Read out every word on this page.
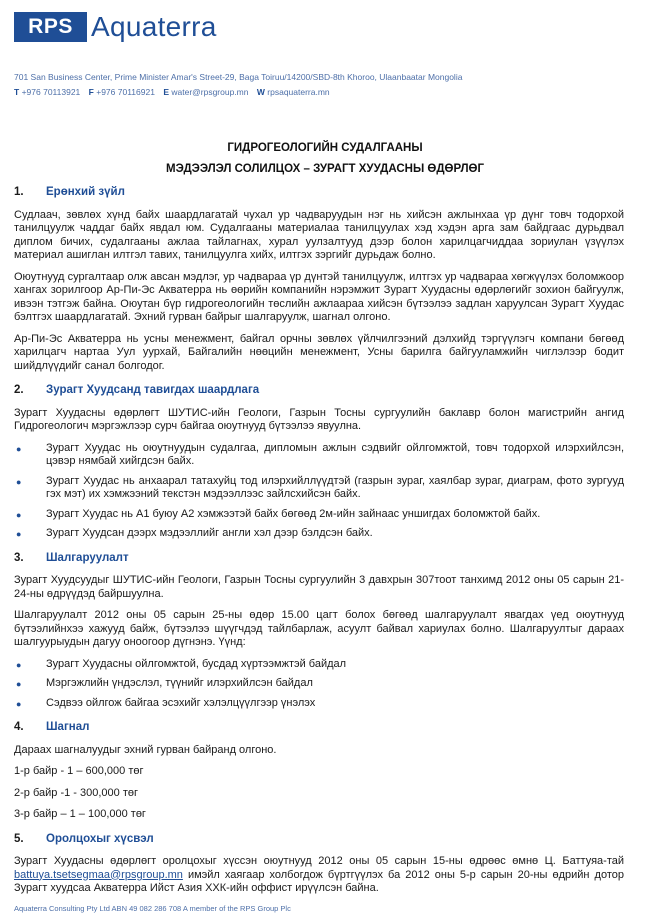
RPS Aquaterra
701 San Business Center, Prime Minister Amar's Street-29, Baga Toiruu/14200/SBD-8th Khoroo, Ulaanbaatar Mongolia
T +976 70113921 F +976 70116921 E water@rpsgroup.mn W rpsaquaterra.mn
ГИДРОГЕОЛОГИЙН СУДАЛГААНЫ
МЭДЭЭЛЭЛ СОЛИЛЦОХ – ЗУРАГТ ХУУДАСНЫ ӨДӨРЛӨГ
1.	Ерөнхий зүйл

Судлаач, зөвлөх хүнд байх шаардлагатай чухал ур чадваруудын нэг нь хийсэн ажлынхаа үр дүнг товч тодорхой танилцуулж чаддаг байх явдал юм. Судалгааны материалаа танилцуулах хэд хэдэн арга зам байдгаас дурьдвал диплом бичих, судалгааны ажлаа тайлагнах, хурал уулзалтууд дээр болон харилцагчиддаа зориулан үзүүлэх материал ашиглан илтгэл тавих, танилцуулга хийх, илтгэх зэргийг дурьдаж болно.

Оюутнууд сургалтаар олж авсан мэдлэг, ур чадвараа үр дүнтэй танилцуулж, илтгэх ур чадвараа хөгжүүлэх боломжоор хангах зорилгоор Ар-Пи-Эс Акватерра нь өөрийн компанийн нэрэмжит Зурагт Хуудасны өдөрлөгийг зохион байгуулж, ивээн тэтгэж байна. Оюутан бүр гидрогеологийн төслийн ажлаараа хийсэн бүтээлээ задлан харуулсан Зурагт Хуудас бэлтгэх шаардлагатай. Эхний гурван байрыг шалгаруулж, шагнал олгоно.

Ар-Пи-Эс Акватерра нь усны менежмент, байгал орчны зөвлөх үйлчилгээний дэлхийд тэргүүлэгч компани бөгөөд харилцагч нартаа Уул уурхай, Байгалийн нөөцийн менежмент, Усны барилга байгууламжийн чиглэлээр бодит шийдлүүдийг санал болгодог.

2.	Зурагт Хуудсанд тавигдах шаардлага

Зурагт Хуудасны өдөрлөгт ШУТИС-ийн Геологи, Газрын Тосны сургуулийн баклавр болон магистрийн ангид Гидрогеологич мэргэжлээр сурч байгаа оюутнууд бүтээлээ явуулна.

● Зурагт Хуудас нь оюутнуудын судалгаа, дипломын ажлын сэдвийг ойлгомжтой, товч тодорхой илэрхийлсэн, цэвэр нямбай хийгдсэн байх.
● Зурагт Хуудас нь анхаарал татахуйц тод илэрхийллүүдтэй (газрын зураг, хаялбар зураг, диаграм, фото зургууд гэх мэт) их хэмжээний текстэн мэдээллээс зайлсхийсэн байх.
● Зурагт Хуудас нь А1 буюу А2 хэмжээтэй байх бөгөөд 2м-ийн зайнаас уншигдах боломжтой байх.
● Зурагт Хуудсан дээрх мэдээллийг англи хэл дээр бэлдсэн байх.
3.	Шалгаруулалт

Зурагт Хуудсуудыг ШУТИС-ийн Геологи, Газрын Тосны сургуулийн 3 давхрын 307тоот танхимд 2012 оны 05 сарын 21-24-ны өдрүүдэд байршуулна.

Шалгаруулалт 2012 оны 05 сарын 25-ны өдөр 15.00 цагт болох бөгөөд шалгаруулалт явагдах үед оюутнууд бүтээлийнхээ хажууд байж, бүтээлээ шүүгчдэд тайлбарлаж, асуулт байвал хариулах болно. Шалгаруултыг дараах шалгуурыудын дагуу оноогоор дүгнэнэ. Үүнд:

● Зурагт Хуудасны ойлгомжтой, бусдад хүртээмжтэй байдал
● Мэргэжлийн үндэслэл, түүнийг илэрхийлсэн байдал
● Сэдвээ ойлгож байгаа эсэхийг хэлэлцүүлгээр үнэлэх
4.	Шагнал

Дараах шагналуудыг эхний гурван байранд олгоно.

1-р байр - 1 – 600,000 төг

2-р байр -1 - 300,000 төг

3-р байр – 1 – 100,000 төг

5.	Оролцохыг хүсвэл

Зурагт Хуудасны өдөрлөгт оролцохыг хүссэн оюутнууд 2012 оны 05 сарын 15-ны өдрөөс өмнө Ц. Баттуяа-тай battuya.tsetsegmaa@rpsgroup.mn имэйл хаягаар холбогдож бүртгүүлэх ба 2012 оны 5-р сарын 20-ны өдрийн дотор Зурагт хуудсаа Акватерра Ийст Азия ХХК-ийн оффист ирүүлсэн байна.

Aquaterra Consulting Pty Ltd ABN 49 082 286 708 A member of the RPS Group Plc
